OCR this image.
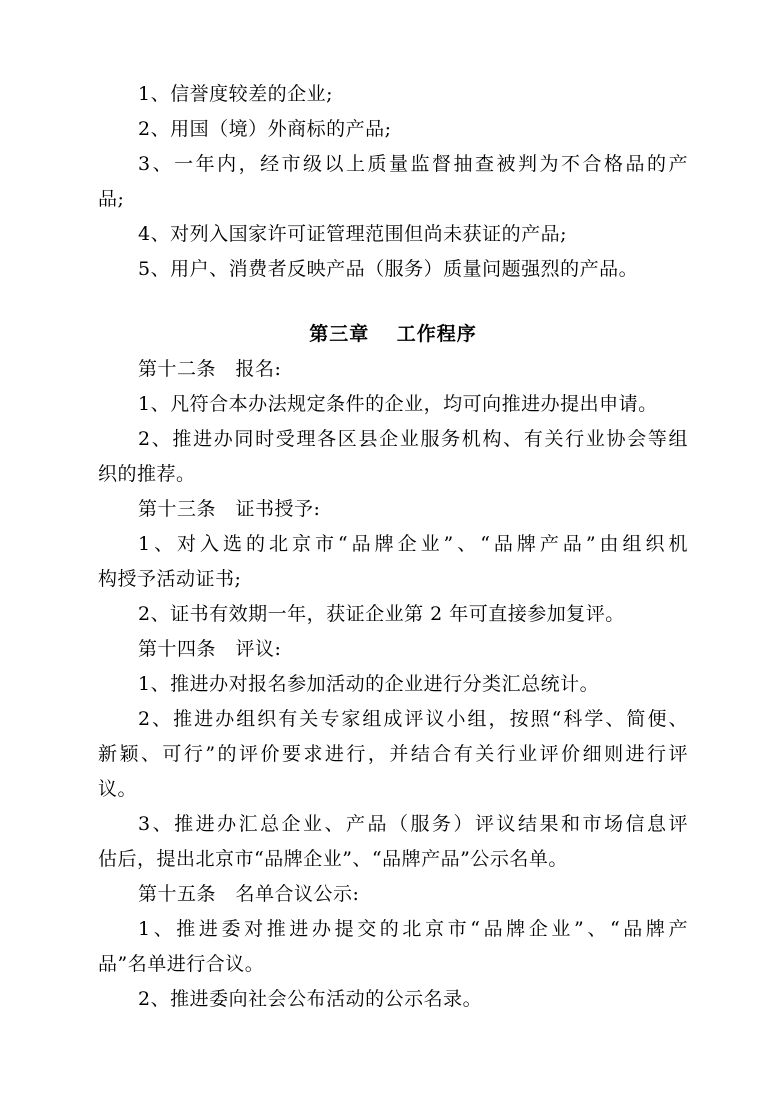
1、信誉度较差的企业;
2、用国（境）外商标的产品;
3、一年内，经市级以上质量监督抽查被判为不合格品的产
品;
4、对列入国家许可证管理范围但尚未获证的产品;
5、用户、消费者反映产品（服务）质量问题强烈的产品。
第三章　 工作程序
第十二条　报名:
1、凡符合本办法规定条件的企业，均可向推进办提出申请。
2、推进办同时受理各区县企业服务机构、有关行业协会等组
织的推荐。
第十三条　证书授予:
1、对入选的北京市“品牌企业”、“品牌产品”由组织机
构授予活动证书;
2、证书有效期一年，获证企业第 2 年可直接参加复评。
第十四条　评议:
1、推进办对报名参加活动的企业进行分类汇总统计。
2、推进办组织有关专家组成评议小组，按照“科学、简便、
新颖、可行”的评价要求进行，并结合有关行业评价细则进行评
议。
3、推进办汇总企业、产品（服务）评议结果和市场信息评
估后，提出北京市“品牌企业”、“品牌产品”公示名单。
第十五条　名单合议公示:
1、推进委对推进办提交的北京市“品牌企业”、“品牌产
品”名单进行合议。
2、推进委向社会公布活动的公示名录。
